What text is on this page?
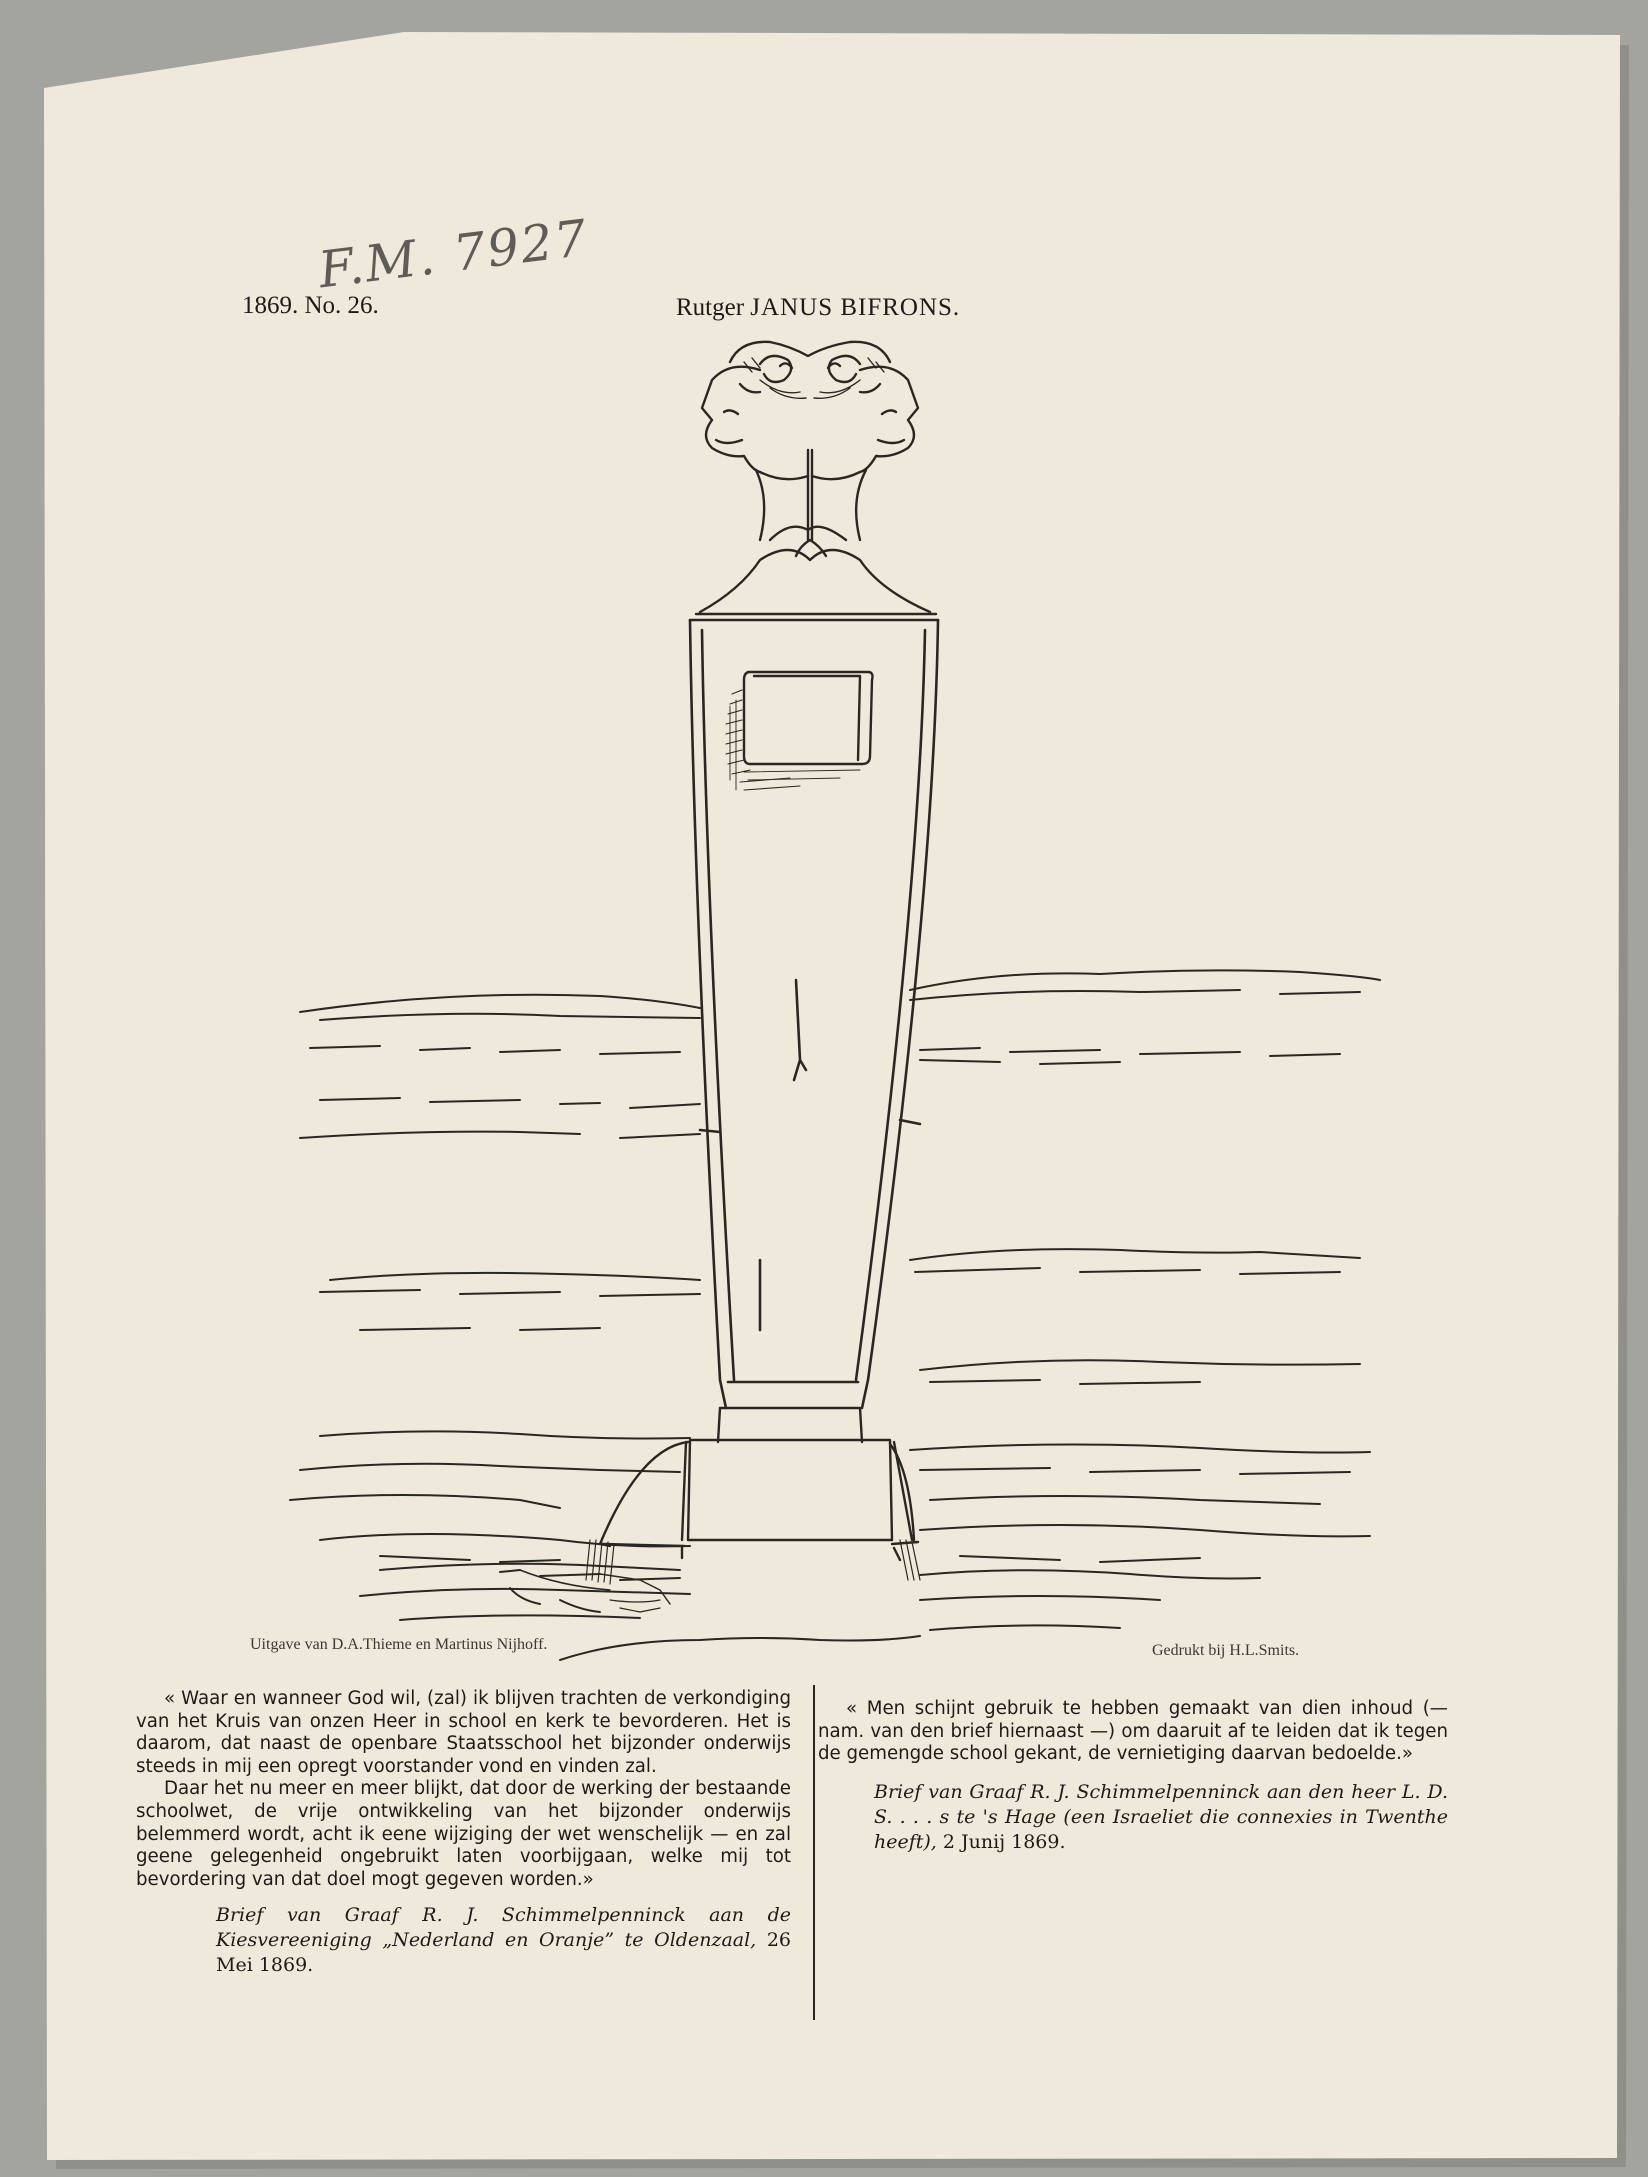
F.M. 7927
1869. No. 26.	Rutger JANUS BIFRONS.
Uitgave van D.A.Thieme en Martinus Nijhoff.	Gedrukt bij H.L.Smits.

« Waar en wanneer God wil, (zal) ik blijven trachten de verkondiging van het Kruis van onzen Heer in school en kerk te bevorderen. Het is daarom, dat naast de openbare Staatsschool het bijzonder onderwijs steeds in mij een opregt voorstander vond en vinden zal.

Daar het nu meer en meer blijkt, dat door de werking der bestaande schoolwet, de vrije ontwikkeling van het bijzonder onderwijs belemmerd wordt, acht ik eene wijziging der wet wenschelijk — en zal geene gelegenheid ongebruikt laten voorbijgaan, welke mij tot bevordering van dat doel mogt gegeven worden.»

Brief van Graaf R. J. Schimmelpenninck aan de Kiesvereeniging „Nederland en Oranje” te Oldenzaal, 26 Mei 1869.

« Men schijnt gebruik te hebben gemaakt van dien inhoud (— nam. van den brief hiernaast —) om daaruit af te leiden dat ik tegen de gemengde school gekant, de vernietiging daarvan bedoelde.»

Brief van Graaf R. J. Schimmelpenninck aan den heer L. D. S. . . . s te 's Hage (een Israeliet die connexies in Twenthe heeft), 2 Junij 1869.
